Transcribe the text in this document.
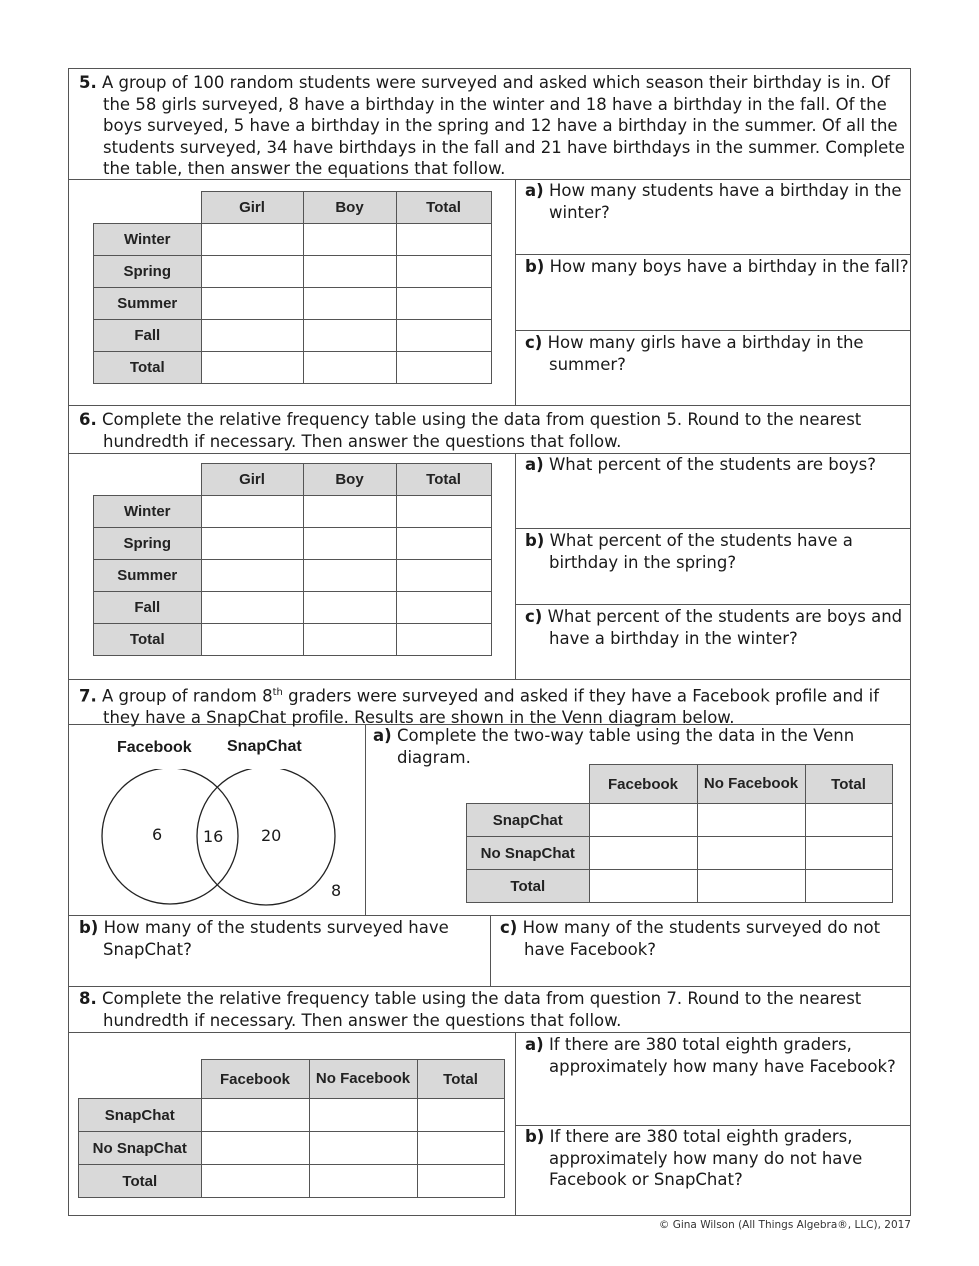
5. A group of 100 random students were surveyed and asked which season their birthday is in. Of the 58 girls surveyed, 8 have a birthday in the winter and 18 have a birthday in the fall. Of the boys surveyed, 5 have a birthday in the spring and 12 have a birthday in the summer. Of all the students surveyed, 34 have birthdays in the fall and 21 have birthdays in the summer. Complete the table, then answer the equations that follow.
	Girl	Boy	Total
Winter			
Spring			
Summer			
Fall			
Total			
a) How many students have a birthday in the winter?
b) How many boys have a birthday in the fall?
c) How many girls have a birthday in the summer?
6. Complete the relative frequency table using the data from question 5. Round to the nearest hundredth if necessary. Then answer the questions that follow.
	Girl	Boy	Total
Winter			
Spring			
Summer			
Fall			
Total			
a) What percent of the students are boys?
b) What percent of the students have a birthday in the spring?
c) What percent of the students are boys and have a birthday in the winter?
7. A group of random 8th graders were surveyed and asked if they have a Facebook profile and if they have a SnapChat profile. Results are shown in the Venn diagram below.
Facebook SnapChat
6	16 20
8
a) Complete the two-way table using the data in the Venn diagram.
	Facebook	No Facebook	Total
SnapChat			
No SnapChat			
Total			
b) How many of the students surveyed have SnapChat?
c) How many of the students surveyed do not have Facebook?
8. Complete the relative frequency table using the data from question 7. Round to the nearest hundredth if necessary. Then answer the questions that follow.
	Facebook	No Facebook	Total
SnapChat			
No SnapChat			
Total			
a) If there are 380 total eighth graders, approximately how many have Facebook?
b) If there are 380 total eighth graders, approximately how many do not have Facebook or SnapChat?
© Gina Wilson (All Things Algebra®, LLC), 2017
